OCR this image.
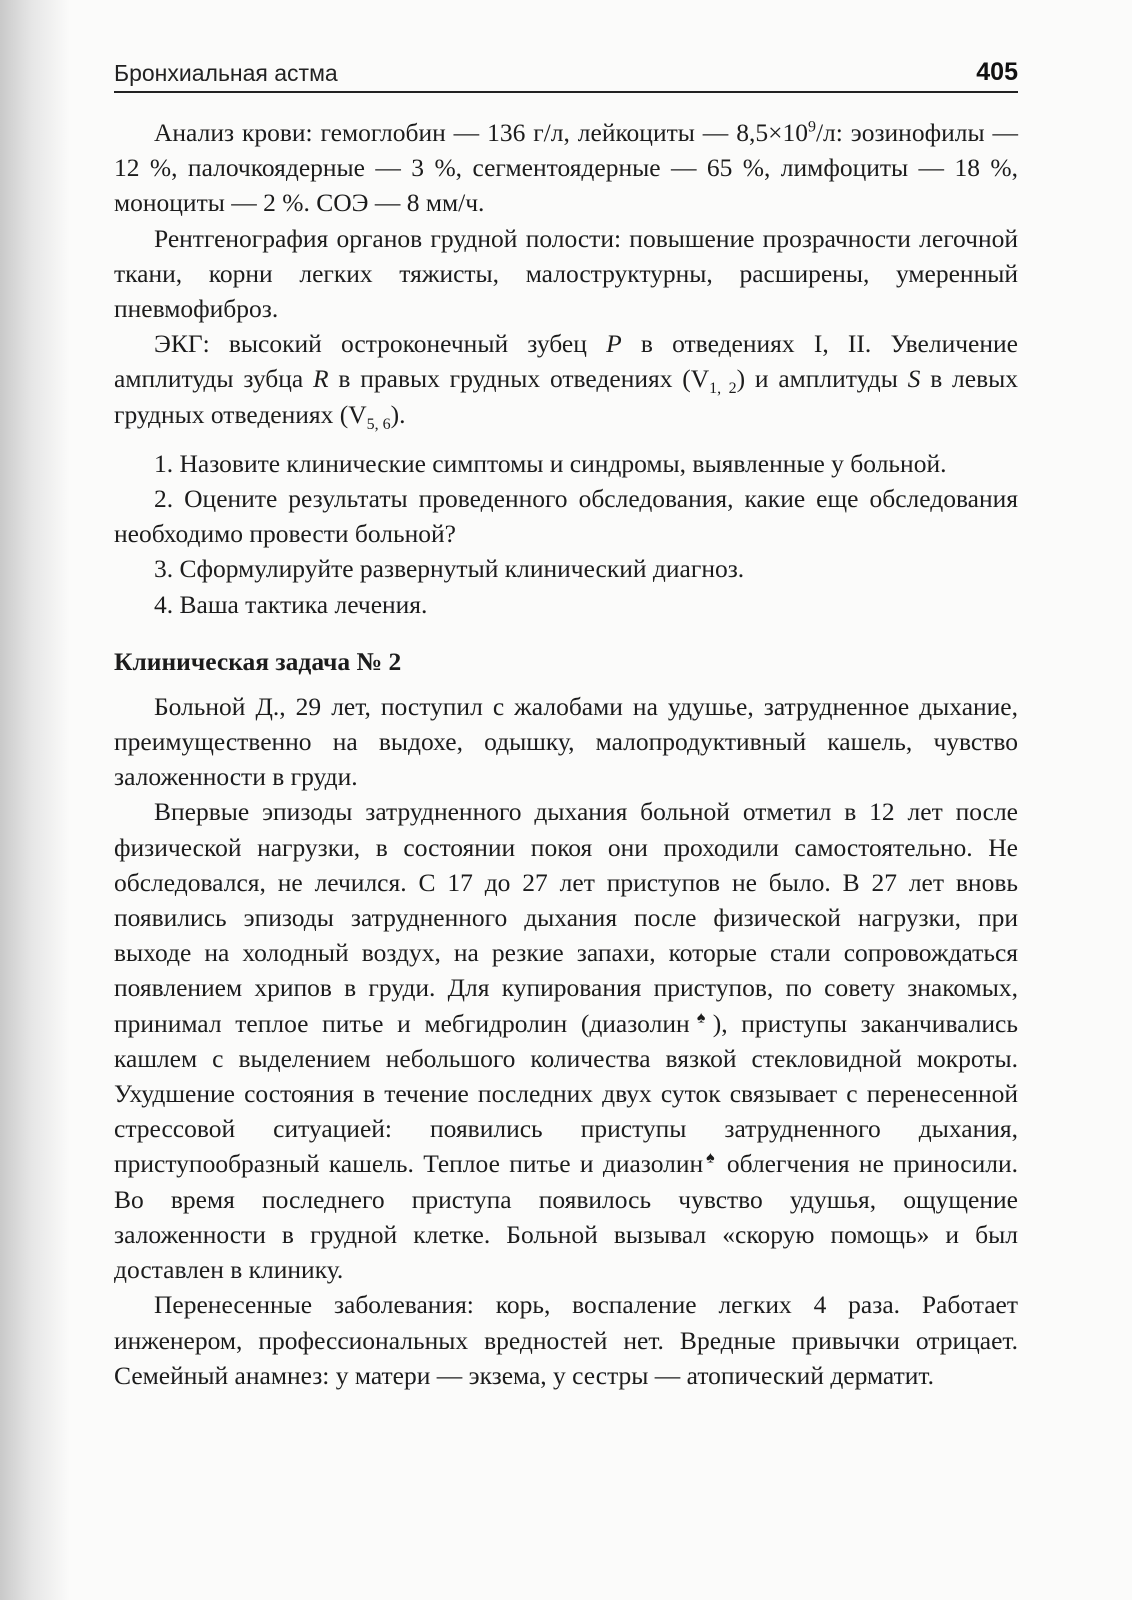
Бронхиальная астма	405

Анализ крови: гемоглобин — 136 г/л, лейкоциты — $8,5\times 10^9/л$: эозинофилы — 12 %, палочкоядерные — 3 %, сегментоядерные — 65 %, лимфоциты — 18 %, моноциты — 2 %. СОЭ — 8 мм/ч.

Рентгенография органов грудной полости: повышение прозрачности легочной ткани, корни легких тяжисты, малоструктурны, расширены, умеренный пневмофиброз.

ЭКГ: высокий остроконечный зубец P в отведениях I, II. Увеличение амплитуды зубца R в правых грудных отведениях $(V_{1, 2})$ и амплитуды S в левых грудных отведениях $(V_{5, 6})$.

1. Назовите клинические симптомы и синдромы, выявленные у больной.

2. Оцените результаты проведенного обследования, какие еще обследования необходимо провести больной?

3. Сформулируйте развернутый клинический диагноз.

4. Ваша тактика лечения.

Клиническая задача № 2

Больной Д., 29 лет, поступил с жалобами на удушье, затрудненное дыхание, преимущественно на выдохе, одышку, малопродуктивный кашель, чувство заложенности в груди.

Впервые эпизоды затрудненного дыхания больной отметил в 12 лет после физической нагрузки, в состоянии покоя они проходили самостоятельно. Не обследовался, не лечился. С 17 до 27 лет приступов не было. В 27 лет вновь появились эпизоды затрудненного дыхания после физической нагрузки, при выходе на холодный воздух, на резкие запахи, которые стали сопровождаться появлением хрипов в груди. Для купирования приступов, по совету знакомых, принимал теплое питье и мебгидролин (диазолин♠), приступы заканчивались кашлем с выделением небольшого количества вязкой стекловидной мокроты. Ухудшение состояния в течение последних двух суток связывает с перенесенной стрессовой ситуацией: появились приступы затрудненного дыхания, приступообразный кашель. Теплое питье и диазолин♠ облегчения не приносили. Во время последнего приступа появилось чувство удушья, ощущение заложенности в грудной клетке. Больной вызывал «скорую помощь» и был доставлен в клинику.

Перенесенные заболевания: корь, воспаление легких 4 раза. Работает инженером, профессиональных вредностей нет. Вредные привычки отрицает. Семейный анамнез: у матери — экзема, у сестры — атопический дерматит.
